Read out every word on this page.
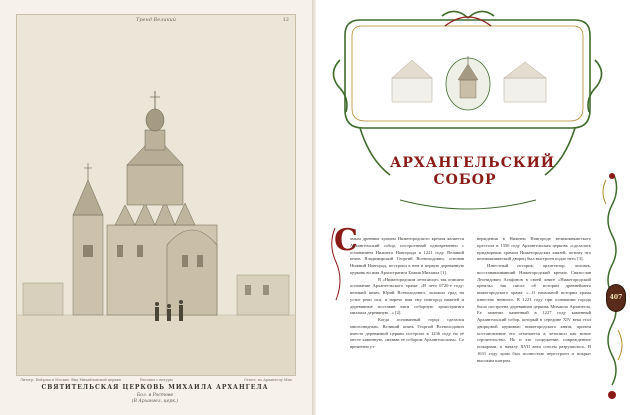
Тренд Великий	12
Литогр. Бейроха в Москве. Вид Михайловской церкви	Рисовал с натуры	Отпеч. по Архангелу Мих.
СВЯТИТЕЛЬСКАЯ ЦЕРКОВЬ МИХАИЛА АРХАНГЕЛА
Бол. в Ростове
(В Архангел. церк.)
АРХАНГЕЛЬСКИЙ
СОБОР
С
амым древним храмом Нижегородского кремля является Архангельский собор, построенный одновременно с основанием Нижнего Новгорода в 1221 году. Великий князь Владимирский Георгий Всеволодович, основав Нижний Новгород, построил в нем и первую деревянную церковь во имя Архистратига Божия Михаила [1].
В «Нижегородском летописце» так описано основание Архангельского храма: «В лето 6720-е году: великий князь Юрий Всеволодович, заложил град на устье реки оки, и нарече имя ему новгород нижней и деревянные поставив вися соборную архистратига михаила деревяную...» [2].
Когда основанный город сделался многолюдным, Великий князь Георгий Всеволодович вместо деревянной церкви построил в 1236 году на её месте каменную, «назвав ее собором Архангельским». Со временем ут-
верждения в Нижнем Новгороде великокняжеского престола в 1350 году Архангельская церковь «сделалась придворным храмом Нижегородских князей, потому что великокняжеский дворец был выстроен подле нее» [3].
Известный историк, архитектор, человек, восстанавливавший Нижегородский кремль Святослав Леонидович Агафонов в своей книге «Нижегородский кремль» так писал об истории древнейшего нижегородского храма: «...О начальной истории храма известно немного. В 1221 году при основании города была построена деревянная церковь Михаила Архангела. Ее заменил каменный в 1227 году каменный Архангельский собор, который в середине XIV века стал дворцовой церковью нижегородского князя, причем постановление его отмечается в летописи как новое строительство. Но и это сооружение, поврежденное пожарами, к началу XVII века совсем разрушилось. В 1631 году храм был полностью перестроен и покрыт высоким шатром.
407
